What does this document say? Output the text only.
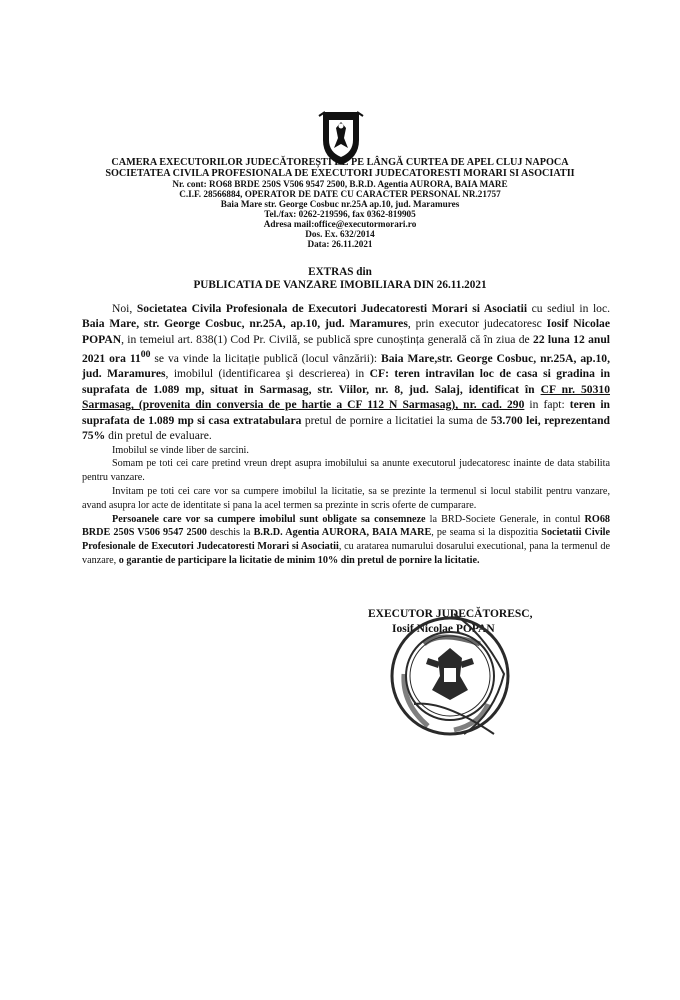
CAMERA EXECUTORILOR JUDECĂTOREȘTI DE PE LÂNGĂ CURTEA DE APEL CLUJ NAPOCA
SOCIETATEA CIVILA PROFESIONALA DE EXECUTORI JUDECATORESTI MORARI SI ASOCIATII
Nr. cont: RO68 BRDE 250S V506 9547 2500, B.R.D. Agentia AURORA, BAIA MARE
C.I.F. 28566884, OPERATOR DE DATE CU CARACTER PERSONAL NR.21757
Baia Mare str. George Cosbuc nr.25A ap.10, jud. Maramures
Tel./fax: 0262-219596, fax 0362-819905
Adresa mail:office@executormorari.ro
Dos. Ex. 632/2014
Data: 26.11.2021
EXTRAS din
PUBLICATIA DE VANZARE IMOBILIARA DIN 26.11.2021

Noi, Societatea Civila Profesionala de Executori Judecatoresti Morari si Asociatii cu sediul in loc. Baia Mare, str. George Cosbuc, nr.25A, ap.10, jud. Maramures, prin executor judecatoresc Iosif Nicolae POPAN, in temeiul art. 838(1) Cod Pr. Civilă, se publică spre cunoștința generală că în ziua de 22 luna 12 anul 2021 ora $11^{00}$ se va vinde la licitație publică (locul vânzării): Baia Mare,str. George Cosbuc, nr.25A, ap.10, jud. Maramures, imobilul (identificarea şi descrierea) in CF: teren intravilan loc de casa si gradina in suprafata de 1.089 mp, situat in Sarmasag, str. Viilor, nr. 8, jud. Salaj, identificat în CF nr. 50310 Sarmasag, (provenita din conversia de pe hartie a CF 112 N Sarmasag), nr. cad. 290 in fapt: teren in suprafata de 1.089 mp si casa extratabulara pretul de pornire a licitatiei la suma de 53.700 lei, reprezentand 75% din pretul de evaluare.

Imobilul se vinde liber de sarcini.

Somam pe toti cei care pretind vreun drept asupra imobilului sa anunte executorul judecatoresc inainte de data stabilita pentru vanzare.

Invitam pe toti cei care vor sa cumpere imobilul la licitatie, sa se prezinte la termenul si locul stabilit pentru vanzare, avand asupra lor acte de identitate si pana la acel termen sa prezinte in scris oferte de cumparare.

Persoanele care vor sa cumpere imobilul sunt obligate sa consemneze la BRD-Societe Generale, in contul RO68 BRDE 250S V506 9547 2500 deschis la B.R.D. Agentia AURORA, BAIA MARE, pe seama si la dispozitia Societatii Civile Profesionale de Executori Judecatoresti Morari si Asociatii, cu aratarea numarului dosarului executional, pana la termenul de vanzare, o garantie de participare la licitatie de minim 10% din pretul de pornire la licitatie.

EXECUTOR JUDECĂTORESC,
Iosif Nicolae POPAN
